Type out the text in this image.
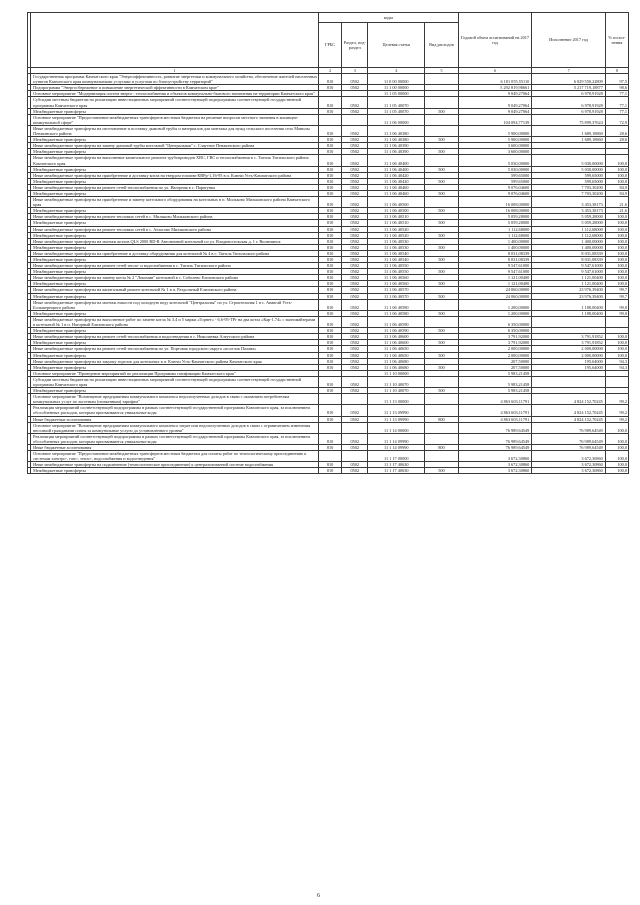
		коды				Годовой объем ассигнований на 2017 год	Исполнение 2017 год	% испол-нения
		ГРБС	Раздел, под-раздел	Целевая статья	Вид расходов			
	1	2	3	4	5	6	7	8
	Государственная программа Камчатского края "Энергоэффективность, развитие энергетики и коммунального хозяйства, обеспечение жителей населенных пунктов Камчатского края коммунальными услугами и услугами по благоустройству территорий"	810	0502	11 0 00 00000		6 181 055,55110	6 029 550,22809	97,5
	Подпрограмма "Энергосбережение и повышение энергетической эффективности в Камчатском крае"	810	0502	11 1 00 00000		5 292 819,98661	5 217 719,18877	98,6
	Основное мероприятие "Модернизация систем энерго-, теплоснабжения и объектов коммунально-бытового назначения на территории Камчатского края"			11 1 05 00000		9 049,27064	6 978,91928	77,1
	Субсидии местным бюджетам на реализацию инвестиционных мероприятий соответствующей подпрограммы соответствующей государственной программы Камчатского края	810	0502	11 1 05 40070		9 049,27064	6 978,91928	77,1
	Межбюджетные трансферты	810	0502	11 1 05 40070	500	9 049,27064	6 978,91928	77,1
	Основное мероприятие "Предоставление межбюджетных трансфертов местным бюджетам на решение вопросов местного значения в жилищно-коммунальной сфере"			11 1 06 00000		104 094,77139	75 899,37624	72,9
	Иные межбюджетные трансферты на изготовление и поставку дымовой трубы и материалов для монтажа для нужд сельского поселения село Манилы Пенжинского района	810	0502	11 1 06 40380		5 900,00000	1 689,18860	28,6
	Межбюджетные трансферты	810	0502	11 1 06 40380	500	5 900,00000	1 689,18860	28,6
	Иные межбюджетные трансферты на замену дымовой трубы котельной "Центральная" с. Слаутное Пенжинского района	810	0502	11 1 06 40390		3 600,00000		
	Межбюджетные трансферты	810	0502	11 1 06 40390	500	3 600,00000		
	Иные межбюджетные трансферты на выполнение капитального ремонта трубопроводов ХВС, ГВС и теплоснабжения в с. Тигиль Тигильского района Камчатского края	810	0502	11 1 06 40400		5 030,00000	5 030,00000	100,0
	Межбюджетные трансферты	810	0502	11 1 06 40400	500	5 030,00000	5 030,00000	100,0
	Иные межбюджетные трансферты на приобретение и доставку котла на твердом топливе КВРр-1,16-95 в п. Ключи Усть-Камчатского района	810	0502	11 1 06 40420		599,65000	599,65000	100,0
	Межбюджетные трансферты	810	0502	11 1 06 40420	500	599,65000	599,65000	100,0
	Иные межбюджетные трансферты на ремонт сетей теплоснабжения по ул. Нагорная в с. Паратунка	810	0502	11 1 06 40460		9 076,04600	7 703,30200	84,9
	Межбюджетные трансферты	810	0502	11 1 06 40460	500	9 076,04600	7 703,30200	84,9
	Иные межбюджетные трансферты на приобретение и замену котельного оборудования на котельных в п. Мильково Мильковского района Камчатского края	810	0502	11 1 06 40500		16 008,00000	3 453,38173	21,6
	Межбюджетные трансферты	810	0502	11 1 06 40500	500	16 008,00000	3 453,38173	21,6
	Иные межбюджетные трансферты на ремонт тепловых сетей в с. Мильково Мильковского района	810	0502	11 1 06 40510		5 059,28000	5 059,28000	100,0
	Межбюджетные трансферты	810	0502	11 1 06 40510	500	5 059,28000	5 059,28000	100,0
	Иные межбюджетные трансферты на ремонт тепловых сетей в с. Атласово Мильковского района	810	0502	11 1 06 40520		1 112,68000	1 112,68000	100,0
	Межбюджетные трансферты	810	0502	11 1 06 40520	500	1 112,68000	1 112,68000	100,0
	Иные межбюджетные трансферты на монтаж котлов QLS 2000 RD-R Автономной котельной по ул. Владивостокская д. 1 г. Вилючинск	810	0502	11 1 06 40530		1 400,00000	1 400,00000	100,0
	Межбюджетные трансферты	810	0502	11 1 06 40530	500	1 400,00000	1 400,00000	100,0
	Иные межбюджетные трансферты на приобретение и доставку оборудования для котельной № 4 в с. Тигиль Тигильского района	810	0502	11 1 06 40540		8 031,08339	8 031,08339	100,0
	Межбюджетные трансферты	810	0502	11 1 06 40540	500	8 031,08339	8 031,08339	100,0
	Иные межбюджетные трансферты на ремонт сетей тепло- и водоснабжения в с. Тигиль Тигильского района	810	0502	11 1 06 40550		9 547,61000	9 547,61000	100,0
	Межбюджетные трансферты	810	0502	11 1 06 40550	500	9 547,61000	9 547,61000	100,0
	Иные межбюджетные трансферты на замену котла № 2 "Локомин" котельной в с. Соболево Елизовского района	810	0502	11 1 06 40560		1 121,00400	1 121,00400	100,0
	Межбюджетные трансферты	810	0502	11 1 06 40560	500	1 121,00400	1 121,00400	100,0
	Иные межбюджетные трансферты на капитальный ремонт котельной № 1 в п. Раздольный Елизовского района	810	0502	11 1 06 40570		24 060,00000	23 976,39400	99,7
	Межбюджетные трансферты	810	0502	11 1 06 40570	500	24 060,00000	23 976,39400	99,7
	Иные межбюджетные трансферты на монтаж емкости под холодную воду котельной "Центральная" по ул. Строительная 1 в с. Анавгай Усть-Большерецкого района	810	0502	11 1 06 40580		1 200,00000	1 188,00400	99,0
	Межбюджетные трансферты	810	0502	11 1 06 40580	500	1 200,00000	1 188,00400	99,0
	Иные межбюджетные трансферты на выполнение работ по замене котла № 3,4 и 5 марки «Горнет» - 6,6-95-ТРг на два котла «Кар-1,74» с экономайзерами в котельной № 1 в п. Нагорный Елизовского района	810	0502	11 1 06 40590		6 350,00000		
	Межбюджетные трансферты	810	0502	11 1 06 40590	500	6 350,00000		
	Иные межбюджетные трансферты на ремонт сетей теплоснабжения и водоотведения в с. Николаевка Алеутского района	810	0502	11 1 06 40600		3 791,92000	3 791,91852	100,0
	Межбюджетные трансферты	810	0502	11 1 06 40600	500	3 791,92000	3 791,91852	100,0
	Иные межбюджетные трансферты на ремонт сетей теплоснабжения по ул. Портовая городского округа «поселок Палана»	810	0502	11 1 06 40650		2 000,00000	2 000,00000	100,0
	Межбюджетные трансферты	810	0502	11 1 06 40650	500	2 000,00000	2 000,00000	100,0
	Иные межбюджетные трансферты на закупку горелок для котельных в п. Ключи Усть-Камчатского района Камчатского края	810	0502	11 1 06 40680		207,50000	195,64000	94,3
	Межбюджетные трансферты	810	0502	11 1 06 40680	500	207,50000	195,64000	94,3
	Основное мероприятие "Проведение мероприятий по реализации Программы газификации Камчатского края"			11 1 10 00000		5 983,21458		
	Субсидии местным бюджетам на реализацию инвестиционных мероприятий соответствующей подпрограммы соответствующей государственной программы Камчатского края	810	0502	11 1 10 40070		5 983,21458		
	Межбюджетные трансферты	810	0502	11 1 10 40070	500	5 983,21458		
	Основное мероприятие "Возмещение предприятиям коммунального комплекса недополученных доходов в связи с оказанием потребителям коммунальных услуг по льготным (сниженным) тарифам"			11 1 13 00000		4 863 603,11791	4 824 152,70245	99,2
	Реализация мероприятий соответствующей подпрограммы в рамках соответствующей государственной программы Камчатского края, за исключением обособленных расходов, которым присваиваются уникальные коды	810	0502	11 1 13 09990		4 863 603,11791	4 824 152,70245	99,2
	Иные бюджетные ассигнования	810	0502	11 1 13 09990	800	4 863 603,11791	4 824 152,70245	99,2
	Основное мероприятие "Возмещение предприятиям коммунального комплекса затрат или недополученных доходов в связи с ограничением изменения вносимой гражданами платы за коммунальные услуги до установленного уровня"			11 1 14 00000		76 989,64549	76 989,64549	100,0
	Реализация мероприятий соответствующей подпрограммы в рамках соответствующей государственной программы Камчатского края, за исключением обособленных расходов, которым присваиваются уникальные коды	810	0502	11 1 14 09990		76 989,64549	76 989,64549	100,0
	Иные бюджетные ассигнования	810	0502	11 1 14 09990	800	76 989,64549	76 989,64549	100,0
	Основное мероприятие "Предоставление межбюджетных трансфертов местным бюджетам для оплаты работ по технологическому присоединению к системам электро-, газо-, тепло-, водоснабжения и водоотведения"			11 1 17 00000		3 672,30860	3 672,30860	100,0
	Иные межбюджетные трансферты на подключение (технологическое присоединение) к централизованной системе водоснабжения	810	0502	11 1 17 40630		3 672,30860	3 672,30860	100,0
	Межбюджетные трансферты	810	0502	11 1 17 40630	500	3 672,30860	3 672,30860	100,0
6
